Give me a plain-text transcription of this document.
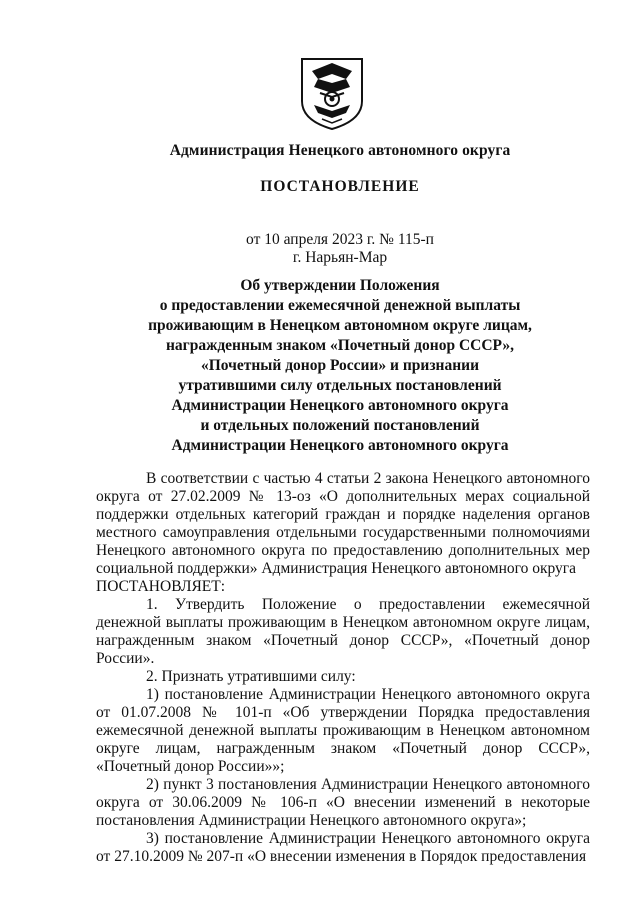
Администрация Ненецкого автономного округа
ПОСТАНОВЛЕНИЕ
от 10 апреля 2023 г. № 115-п
г. Нарьян-Мар
Об утверждении Положения
о предоставлении ежемесячной денежной выплаты
проживающим в Ненецком автономном округе лицам,
награжденным знаком «Почетный донор СССР»,
«Почетный донор России» и признании
утратившими силу отдельных постановлений
Администрации Ненецкого автономного округа
и отдельных положений постановлений
Администрации Ненецкого автономного округа

В соответствии с частью 4 статьи 2 закона Ненецкого автономного округа от 27.02.2009 № 13-оз «О дополнительных мерах социальной поддержки отдельных категорий граждан и порядке наделения органов местного самоуправления отдельными государственными полномочиями Ненецкого автономного округа по предоставлению дополнительных мер социальной поддержки» Администрация Ненецкого автономного округа

ПОСТАНОВЛЯЕТ:

1. Утвердить Положение о предоставлении ежемесячной денежной выплаты проживающим в Ненецком автономном округе лицам, награжденным знаком «Почетный донор СССР», «Почетный донор России».

2. Признать утратившими силу:

1) постановление Администрации Ненецкого автономного округа от 01.07.2008 № 101-п «Об утверждении Порядка предоставления ежемесячной денежной выплаты проживающим в Ненецком автономном округе лицам, награжденным знаком «Почетный донор СССР», «Почетный донор России»»;

2) пункт 3 постановления Администрации Ненецкого автономного округа от 30.06.2009 № 106-п «О внесении изменений в некоторые постановления Администрации Ненецкого автономного округа»;

3) постановление Администрации Ненецкого автономного округа от 27.10.2009 № 207-п «О внесении изменения в Порядок предоставления
